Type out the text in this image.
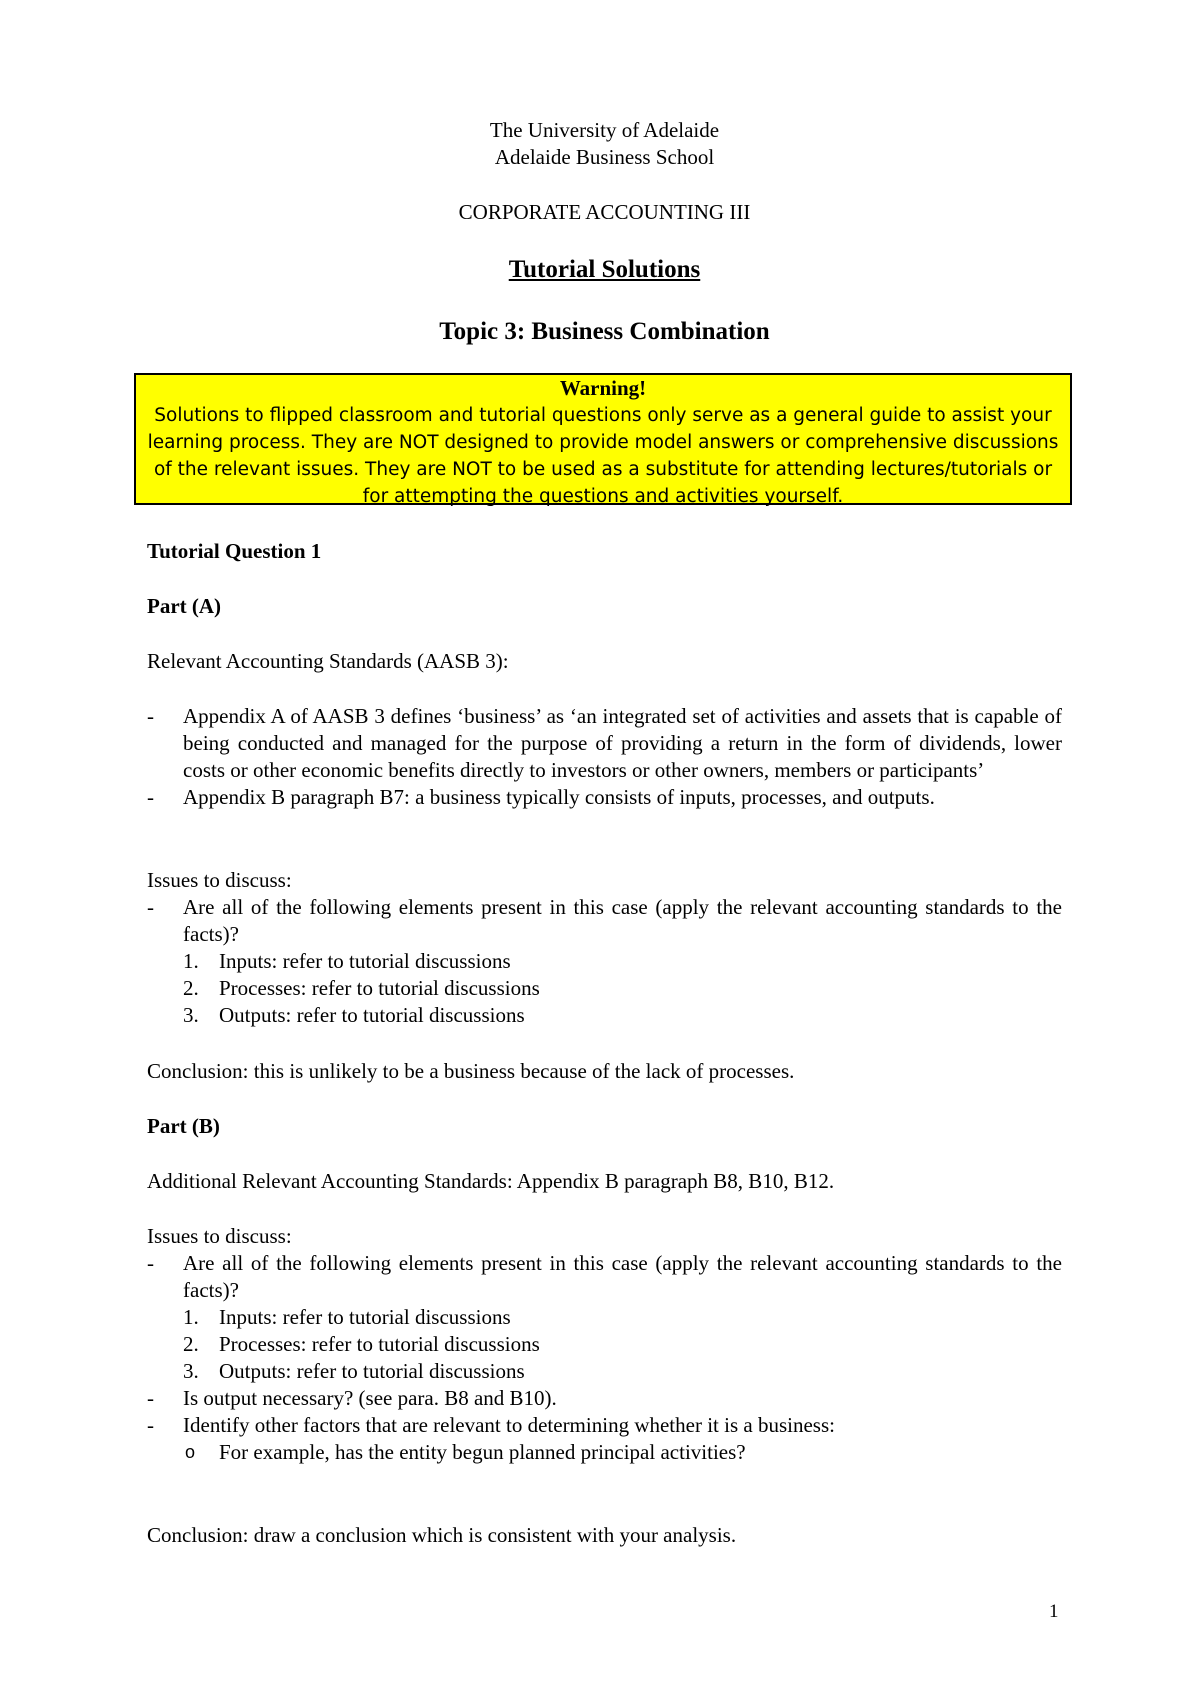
The University of Adelaide
Adelaide Business School
CORPORATE ACCOUNTING III
Tutorial Solutions
Topic 3: Business Combination
Tutorial Question 1
Part (A)
Relevant Accounting Standards (AASB 3):
- Appendix A of AASB 3 defines ‘business’ as ‘an integrated set of activities and assets that is capable of being conducted and managed for the purpose of providing a return in the form of dividends, lower costs or other economic benefits directly to investors or other owners, members or participants’
- Appendix B paragraph B7: a business typically consists of inputs, processes, and outputs.
Issues to discuss:
- Are all of the following elements present in this case (apply the relevant accounting standards to the facts)?
1. Inputs: refer to tutorial discussions
2. Processes: refer to tutorial discussions
3. Outputs: refer to tutorial discussions
Conclusion: this is unlikely to be a business because of the lack of processes.
Part (B)
Additional Relevant Accounting Standards: Appendix B paragraph B8, B10, B12.
Issues to discuss:
- Are all of the following elements present in this case (apply the relevant accounting standards to the facts)?
1. Inputs: refer to tutorial discussions
2. Processes: refer to tutorial discussions
3. Outputs: refer to tutorial discussions
- Is output necessary? (see para. B8 and B10).
- Identify other factors that are relevant to determining whether it is a business:
o For example, has the entity begun planned principal activities?
Conclusion: draw a conclusion which is consistent with your analysis.
Warning!
Solutions to flipped classroom and tutorial questions only serve as a general guide to assist your learning process. They are NOT designed to provide model answers or comprehensive discussions of the relevant issues. They are NOT to be used as a substitute for attending lectures/tutorials or for attempting the questions and activities yourself.
1
